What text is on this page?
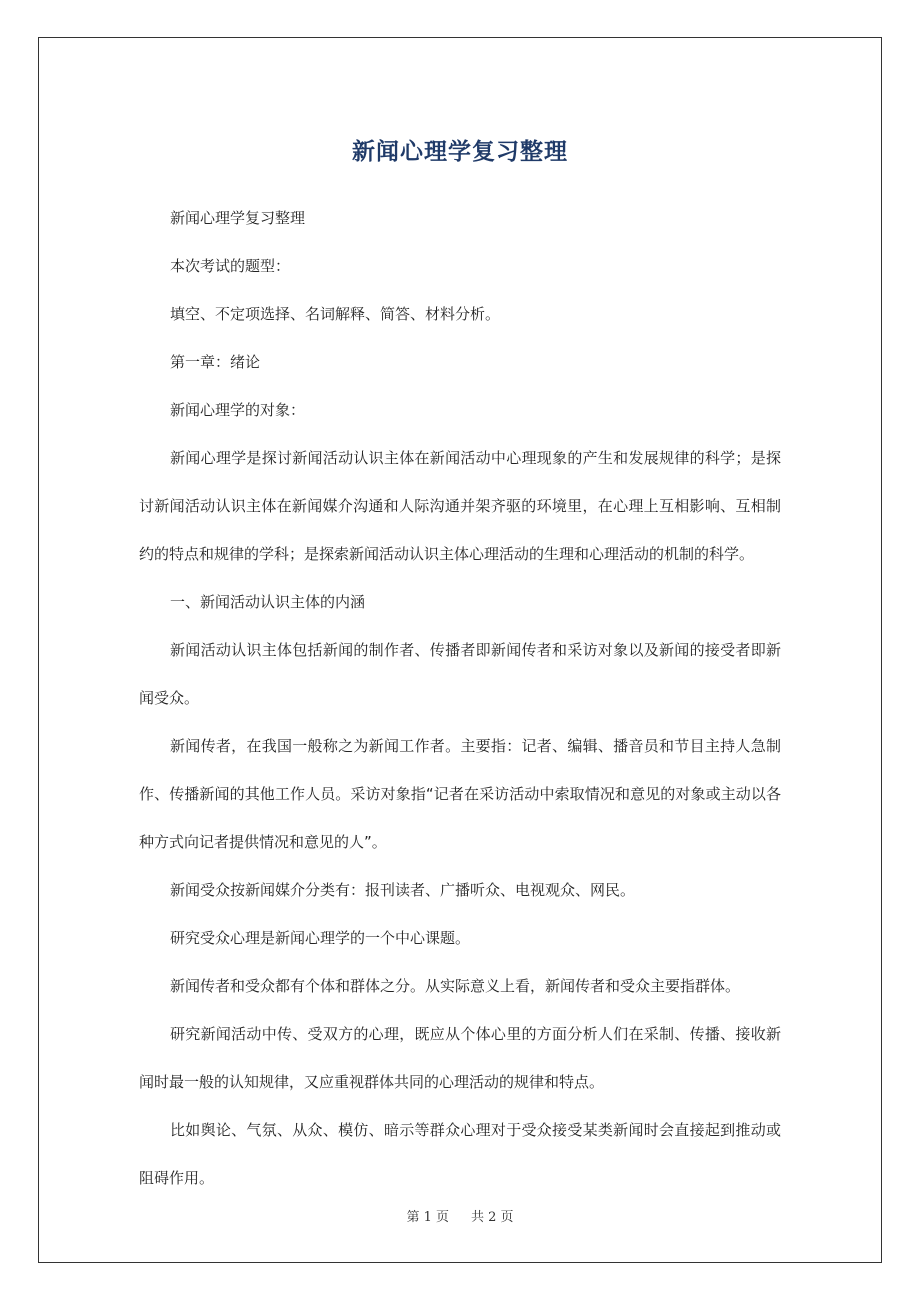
新闻心理学复习整理

新闻心理学复习整理

本次考试的题型：

填空、不定项选择、名词解释、简答、材料分析。

第一章：绪论

新闻心理学的对象：

新闻心理学是探讨新闻活动认识主体在新闻活动中心理现象的产生和发展规律的科学；是探讨新闻活动认识主体在新闻媒介沟通和人际沟通并架齐驱的环境里，在心理上互相影响、互相制约的特点和规律的学科；是探索新闻活动认识主体心理活动的生理和心理活动的机制的科学。

一、新闻活动认识主体的内涵

新闻活动认识主体包括新闻的制作者、传播者即新闻传者和采访对象以及新闻的接受者即新闻受众。

新闻传者，在我国一般称之为新闻工作者。主要指：记者、编辑、播音员和节目主持人急制作、传播新闻的其他工作人员。采访对象指“记者在采访活动中索取情况和意见的对象或主动以各种方式向记者提供情况和意见的人”。

新闻受众按新闻媒介分类有：报刊读者、广播听众、电视观众、网民。

研究受众心理是新闻心理学的一个中心课题。

新闻传者和受众都有个体和群体之分。从实际意义上看，新闻传者和受众主要指群体。

研究新闻活动中传、受双方的心理，既应从个体心里的方面分析人们在采制、传播、接收新闻时最一般的认知规律，又应重视群体共同的心理活动的规律和特点。

比如舆论、气氛、从众、模仿、暗示等群众心理对于受众接受某类新闻时会直接起到推动或阻碍作用。

第 1 页 共 2 页
